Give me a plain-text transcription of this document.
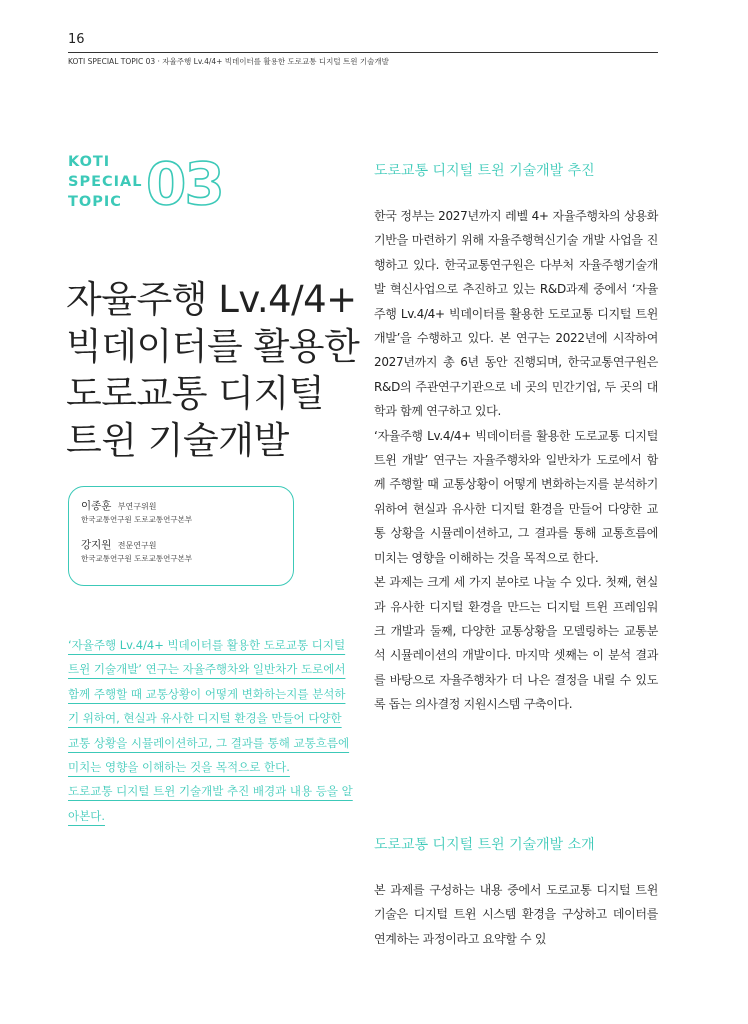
16
KOTI SPECIAL TOPIC 03 · 자율주행 Lv.4/4+ 빅데이터를 활용한 도로교통 디지털 트윈 기술개발
KOTI
SPECIAL
TOPIC 03
자율주행 Lv.4/4+
빅데이터를 활용한
도로교통 디지털
트윈 기술개발
이종훈 부연구위원
한국교통연구원 도로교통연구본부
강지원 전문연구원
한국교통연구원 도로교통연구본부

‘자율주행 Lv.4/4+ 빅데이터를 활용한 도로교통 디지털 트윈 기술개발’ 연구는 자율주행차와 일반차가 도로에서 함께 주행할 때 교통상황이 어떻게 변화하는지를 분석하기 위하여, 현실과 유사한 디지털 환경을 만들어 다양한 교통 상황을 시뮬레이션하고, 그 결과를 통해 교통흐름에 미치는 영향을 이해하는 것을 목적으로 한다.

도로교통 디지털 트윈 기술개발 추진 배경과 내용 등을 알아본다.

도로교통 디지털 트윈 기술개발 추진

한국 정부는 2027년까지 레벨 4+ 자율주행차의 상용화 기반을 마련하기 위해 자율주행혁신기술 개발 사업을 진행하고 있다. 한국교통연구원은 다부처 자율주행기술개발 혁신사업으로 추진하고 있는 R&D과제 중에서 ‘자율주행 Lv.4/4+ 빅데이터를 활용한 도로교통 디지털 트윈 개발’을 수행하고 있다. 본 연구는 2022년에 시작하여 2027년까지 총 6년 동안 진행되며, 한국교통연구원은 R&D의 주관연구기관으로 네 곳의 민간기업, 두 곳의 대학과 함께 연구하고 있다.

‘자율주행 Lv.4/4+ 빅데이터를 활용한 도로교통 디지털 트윈 개발’ 연구는 자율주행차와 일반차가 도로에서 함께 주행할 때 교통상황이 어떻게 변화하는지를 분석하기 위하여 현실과 유사한 디지털 환경을 만들어 다양한 교통 상황을 시뮬레이션하고, 그 결과를 통해 교통흐름에 미치는 영향을 이해하는 것을 목적으로 한다.

본 과제는 크게 세 가지 분야로 나눌 수 있다. 첫째, 현실과 유사한 디지털 환경을 만드는 디지털 트윈 프레임워크 개발과 둘째, 다양한 교통상황을 모델링하는 교통분석 시뮬레이션의 개발이다. 마지막 셋째는 이 분석 결과를 바탕으로 자율주행차가 더 나은 결정을 내릴 수 있도록 돕는 의사결정 지원시스템 구축이다.

도로교통 디지털 트윈 기술개발 소개

본 과제를 구성하는 내용 중에서 도로교통 디지털 트윈 기술은 디지털 트윈 시스템 환경을 구상하고 데이터를 연계하는 과정이라고 요약할 수 있
